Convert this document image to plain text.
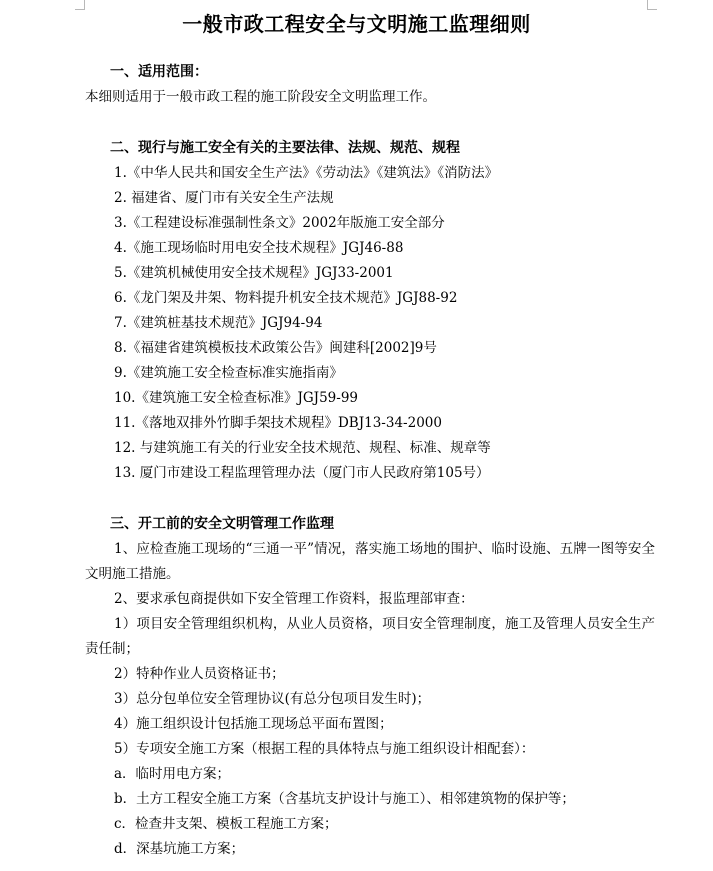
一般市政工程安全与文明施工监理细则
一、适用范围：
本细则适用于一般市政工程的施工阶段安全文明监理工作。
二、现行与施工安全有关的主要法律、法规、规范、规程
1.《中华人民共和国安全生产法》《劳动法》《建筑法》《消防法》
2. 福建省、厦门市有关安全生产法规
3.《工程建设标准强制性条文》2002年版施工安全部分
4.《施工现场临时用电安全技术规程》JGJ46-88
5.《建筑机械使用安全技术规程》JGJ33-2001
6.《龙门架及井架、物料提升机安全技术规范》JGJ88-92
7.《建筑桩基技术规范》JGJ94-94
8.《福建省建筑模板技术政策公告》闽建科[2002]9号
9.《建筑施工安全检查标准实施指南》
10.《建筑施工安全检查标准》JGJ59-99
11.《落地双排外竹脚手架技术规程》DBJ13-34-2000
12. 与建筑施工有关的行业安全技术规范、规程、标准、规章等
13. 厦门市建设工程监理管理办法（厦门市人民政府第105号）
三、开工前的安全文明管理工作监理
1、应检查施工现场的“三通一平”情况，落实施工场地的围护、临时设施、五牌一图等安全文明施工措施。
2、要求承包商提供如下安全管理工作资料，报监理部审查：
1）项目安全管理组织机构，从业人员资格，项目安全管理制度，施工及管理人员安全生产责任制；
2）特种作业人员资格证书；
3）总分包单位安全管理协议(有总分包项目发生时)；
4）施工组织设计包括施工现场总平面布置图；
5）专项安全施工方案（根据工程的具体特点与施工组织设计相配套）：
a．临时用电方案；
b．土方工程安全施工方案（含基坑支护设计与施工）、相邻建筑物的保护等；
c．检查井支架、模板工程施工方案；
d．深基坑施工方案；
